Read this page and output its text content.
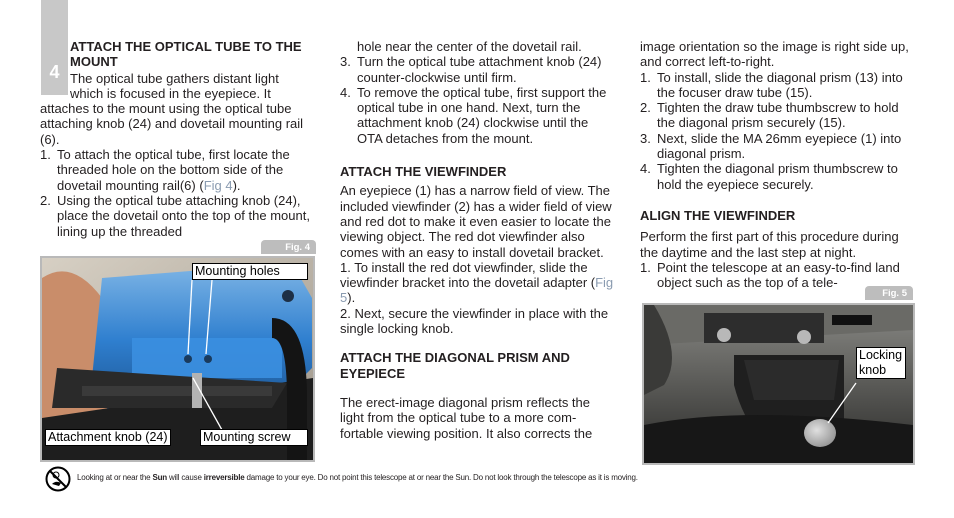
4

ATTACH THE OPTICAL TUBE TO THE MOUNT

The optical tube gathers distant light

which is focused in the eyepiece. It

attaches to the mount using the optical tube attaching knob (24) and dovetail mounting rail (6).

1. To attach the optical tube, first locate the threaded hole on the bottom side of the dovetail mounting rail(6) (Fig 4).
2. Using the optical tube attaching knob (24), place the dovetail onto the top of the mount, lining up the threaded
Fig. 4
Mounting holes
Attachment knob (24)	Mounting screw

hole near the center of the dovetail rail.

3. Turn the optical tube attachment knob (24) counter-clockwise until firm.
4. To remove the optical tube, first support the optical tube in one hand. Next, turn the attachment knob (24) clockwise until the OTA detaches from the mount.

ATTACH THE VIEWFINDER

An eyepiece (1) has a narrow field of view. The included viewfinder (2) has a wider field of view and red dot to make it even easier to locate the viewing object. The red dot viewfinder also comes with an easy to install dovetail bracket.

1. To install the red dot viewfinder, slide the viewfinder bracket into the dovetail adapter (Fig 5).

2. Next, secure the viewfinder in place with the single locking knob.

ATTACH THE DIAGONAL PRISM AND EYEPIECE

The erect-image diagonal prism reflects the light from the optical tube to a more com-fortable viewing position. It also corrects the

image orientation so the image is right side up, and correct left-to-right.

1. To install, slide the diagonal prism (13) into the focuser draw tube (15).
2. Tighten the draw tube thumbscrew to hold the diagonal prism securely (15).
3. Next, slide the MA 26mm eyepiece (1) into diagonal prism.
4. Tighten the diagonal prism thumbscrew to hold the eyepiece securely.

ALIGN THE VIEWFINDER

Perform the first part of this procedure during the daytime and the last step at night.

1. Point the telescope at an easy-to-find land object such as the top of a tele-
Fig. 5
Locking
knob
Looking at or near the Sun will cause irreversible damage to your eye. Do not point this telescope at or near the Sun. Do not look through the telescope as it is moving.
